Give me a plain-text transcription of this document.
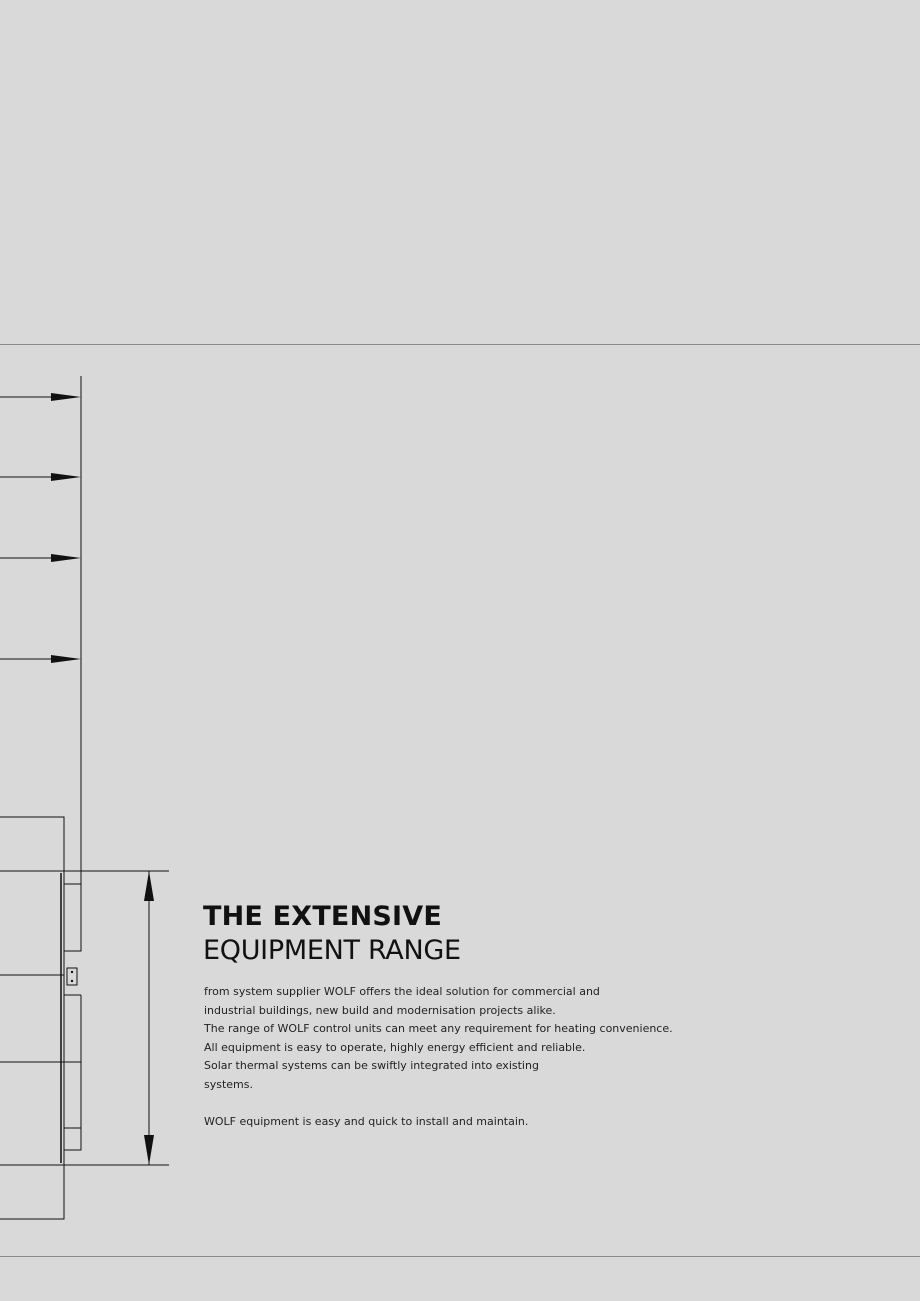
THE EXTENSIVE
EQUIPMENT RANGE

from system supplier WOLF offers the ideal solution for commercial and

industrial buildings, new build and modernisation projects alike.

The range of WOLF control units can meet any requirement for heating convenience.

All equipment is easy to operate, highly energy efficient and reliable.

Solar thermal systems can be swiftly integrated into existing

systems.

WOLF equipment is easy and quick to install and maintain.
